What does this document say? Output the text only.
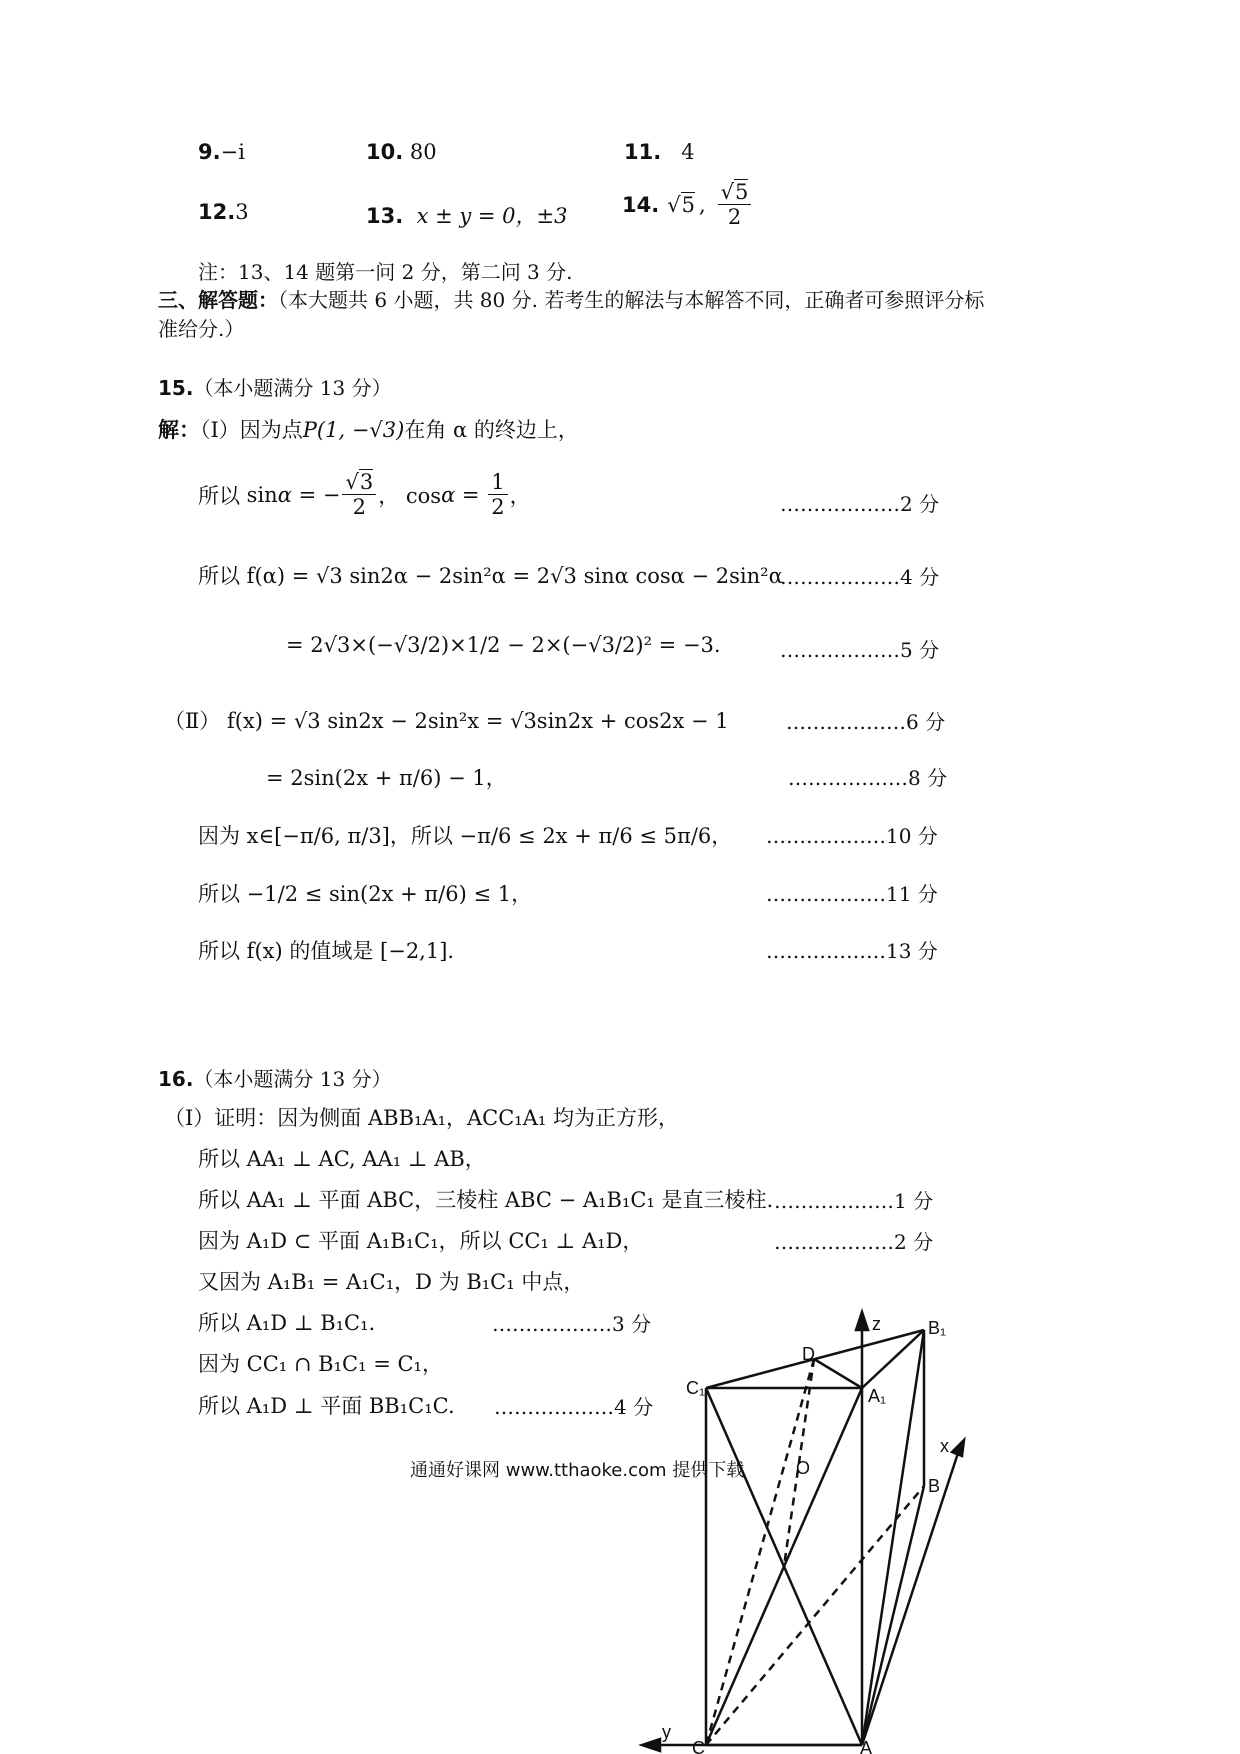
9.−i	10. 80	11. 4
12.3	13. x ± y = 0，±3	14. √ 5 , $\frac{√5}{2}$
注：13、14 题第一问 2 分，第二问 3 分.
三、解答题：（本大题共 6 小题，共 80 分. 若考生的解法与本解答不同，正确者可参照评分标
准给分.）
15.（本小题满分 13 分）
解：（Ⅰ）因为点P(1, −√3)在角 α 的终边上，
所以 sin α = − $\frac{√3}{2}$ ， $\cos \alpha = \frac{1}{2}$ ，	………………2 分
所以 f(α) = √3 sin2α − 2sin²α = 2√3 sinα cosα − 2sin²α
………………4 分
= 2√3×(−√3/2)×1/2 − 2×(−√3/2)² = −3.	………………5 分
（Ⅱ） f(x) = √3 sin2x − 2sin²x = √3sin2x + cos2x − 1	………………6 分
= 2sin(2x + π/6) − 1，	………………8 分
因为 x∈[−π/6, π/3]，所以 −π/6 ≤ 2x + π/6 ≤ 5π/6， ………………10 分
所以 −1/2 ≤ sin(2x + π/6) ≤ 1，	………………11 分
所以 f(x) 的值域是 [−2,1].	………………13 分
16.（本小题满分 13 分）
（Ⅰ）证明：因为侧面 ABB₁A₁，ACC₁A₁ 均为正方形，
所以 AA₁ ⊥ AC, AA₁ ⊥ AB，
所以 AA₁ ⊥ 平面 ABC，三棱柱 ABC − A₁B₁C₁ 是直三棱柱. ………………1 分
因为 A₁D ⊂ 平面 A₁B₁C₁，所以 CC₁ ⊥ A₁D，	………………2 分
又因为 A₁B₁ = A₁C₁，D 为 B₁C₁ 中点，
所以 A₁D ⊥ B₁C₁.	………………3 分
因为 CC₁ ∩ B₁C₁ = C₁，
所以 A₁D ⊥ 平面 BB₁C₁C. ………………4 分
通通好课网 www.tthaoke.com 提供下载
z	B₁
D
C₁	A₁
x
O
B
y
C	A
